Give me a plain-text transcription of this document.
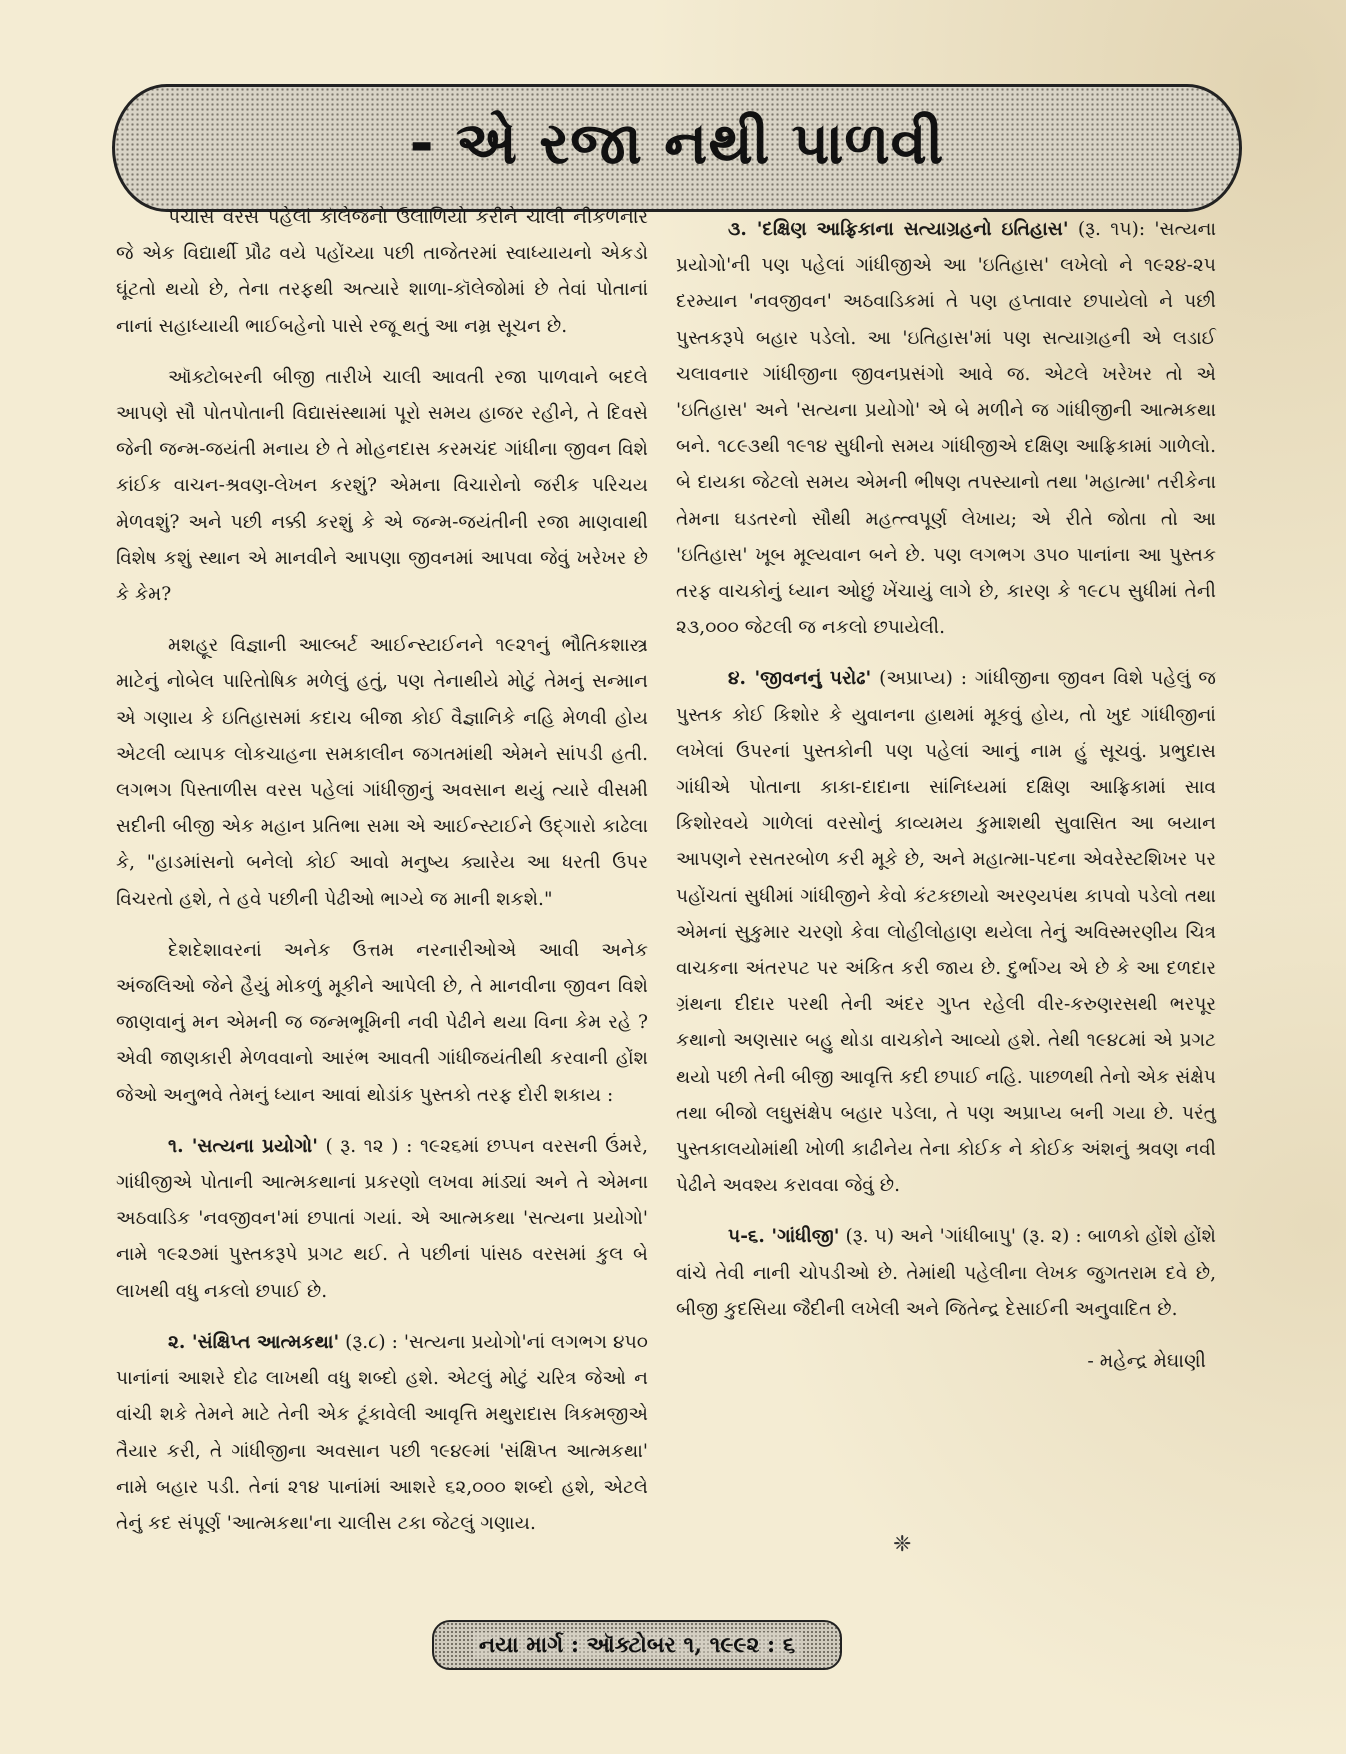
- એ રજા નથી પાળવી

પચાસ વરસ પહેલાં કૉલેજનો ઉલાળિયો કરીને ચાલી નીકળનાર જે એક વિદ્યાર્થી પ્રૌઢ વયે પહોંચ્યા પછી તાજેતરમાં સ્વાધ્યાયનો એકડો ઘૂંટતો થયો છે, તેના તરફથી અત્યારે શાળા-કૉલેજોમાં છે તેવાં પોતાનાં નાનાં સહાધ્યાયી ભાઈબહેનો પાસે રજૂ થતું આ નમ્ર સૂચન છે.

ઑક્ટોબરની બીજી તારીખે ચાલી આવતી રજા પાળવાને બદલે આપણે સૌ પોતપોતાની વિદ્યાસંસ્થામાં પૂરો સમય હાજર રહીને, તે દિવસે જેની જન્મ-જયંતી મનાય છે તે મોહનદાસ કરમચંદ ગાંધીના જીવન વિશે કાંઈક વાચન-શ્રવણ-લેખન કરશું? એમના વિચારોનો જરીક પરિચય મેળવશું? અને પછી નક્કી કરશું કે એ જન્મ-જયંતીની રજા માણવાથી વિશેષ કશું સ્થાન એ માનવીને આપણા જીવનમાં આપવા જેવું ખરેખર છે કે કેમ?

મશહૂર વિજ્ઞાની આલ્બર્ટ આઈન્સ્ટાઈનને ૧૯૨૧નું ભૌતિકશાસ્ત્ર માટેનું નોબેલ પારિતોષિક મળેલું હતું, પણ તેનાથીયે મોટું તેમનું સન્માન એ ગણાય કે ઇતિહાસમાં કદાચ બીજા કોઈ વૈજ્ઞાનિકે નહિ મેળવી હોય એટલી વ્યાપક લોકચાહના સમકાલીન જગતમાંથી એમને સાંપડી હતી. લગભગ પિસ્તાળીસ વરસ પહેલાં ગાંધીજીનું અવસાન થયું ત્યારે વીસમી સદીની બીજી એક મહાન પ્રતિભા સમા એ આઈન્સ્ટાઈને ઉદ્ગારો કાઢેલા કે, "હાડમાંસનો બનેલો કોઈ આવો મનુષ્ય ક્યારેય આ ધરતી ઉપર વિચરતો હશે, તે હવે પછીની પેઢીઓ ભાગ્યે જ માની શકશે."

દેશદેશાવરનાં અનેક ઉત્તમ નરનારીઓએ આવી અનેક અંજલિઓ જેને હૈયું મોકળું મૂકીને આપેલી છે, તે માનવીના જીવન વિશે જાણવાનું મન એમની જ જન્મભૂમિની નવી પેઢીને થયા વિના કેમ રહે ? એવી જાણકારી મેળવવાનો આરંભ આવતી ગાંધીજયંતીથી કરવાની હોંશ જેઓ અનુભવે તેમનું ધ્યાન આવાં થોડાંક પુસ્તકો તરફ દોરી શકાય :

૧. 'સત્યના પ્રયોગો' ( રૂ. ૧૨ ) : ૧૯૨૬માં છપ્પન વરસની ઉંમરે, ગાંધીજીએ પોતાની આત્મકથાનાં પ્રકરણો લખવા માંડ્યાં અને તે એમના અઠવાડિક 'નવજીવન'માં છપાતાં ગયાં. એ આત્મકથા 'સત્યના પ્રયોગો' નામે ૧૯૨૭માં પુસ્તકરૂપે પ્રગટ થઈ. તે પછીનાં પાંસઠ વરસમાં કુલ બે લાખથી વધુ નકલો છપાઈ છે.

૨. 'સંક્ષિપ્ત આત્મકથા' (રૂ.૮) : 'સત્યના પ્રયોગો'નાં લગભગ ૪૫૦ પાનાંનાં આશરે દોઢ લાખથી વધુ શબ્દો હશે. એટલું મોટું ચરિત્ર જેઓ ન વાંચી શકે તેમને માટે તેની એક ટૂંકાવેલી આવૃત્તિ મથુરાદાસ ત્રિકમજીએ તૈયાર કરી, તે ગાંધીજીના અવસાન પછી ૧૯૪૯માં 'સંક્ષિપ્ત આત્મકથા' નામે બહાર પડી. તેનાં ૨૧૪ પાનાંમાં આશરે ૬૨,૦૦૦ શબ્દો હશે, એટલે તેનું કદ સંપૂર્ણ 'આત્મકથા'ના ચાલીસ ટકા જેટલું ગણાય.

૩. 'દક્ષિણ આફ્રિકાના સત્યાગ્રહનો ઇતિહાસ' (રૂ. ૧૫): 'સત્યના પ્રયોગો'ની પણ પહેલાં ગાંધીજીએ આ 'ઇતિહાસ' લખેલો ને ૧૯૨૪-૨૫ દરમ્યાન 'નવજીવન' અઠવાડિકમાં તે પણ હપ્તાવાર છપાયેલો ને પછી પુસ્તકરૂપે બહાર પડેલો. આ 'ઇતિહાસ'માં પણ સત્યાગ્રહની એ લડાઈ ચલાવનાર ગાંધીજીના જીવનપ્રસંગો આવે જ. એટલે ખરેખર તો એ 'ઇતિહાસ' અને 'સત્યના પ્રયોગો' એ બે મળીને જ ગાંધીજીની આત્મકથા બને. ૧૮૯૩થી ૧૯૧૪ સુધીનો સમય ગાંધીજીએ દક્ષિણ આફ્રિકામાં ગાળેલો. બે દાયકા જેટલો સમય એમની ભીષણ તપસ્યાનો તથા 'મહાત્મા' તરીકેના તેમના ઘડતરનો સૌથી મહત્ત્વપૂર્ણ લેખાય; એ રીતે જોતા તો આ 'ઇતિહાસ' ખૂબ મૂલ્યવાન બને છે. પણ લગભગ ૩૫૦ પાનાંના આ પુસ્તક તરફ વાચકોનું ધ્યાન ઓછું ખેંચાયું લાગે છે, કારણ કે ૧૯૮૫ સુધીમાં તેની ૨૩,૦૦૦ જેટલી જ નકલો છપાયેલી.

૪. 'જીવનનું પરોઢ' (અપ્રાપ્ય) : ગાંધીજીના જીવન વિશે પહેલું જ પુસ્તક કોઈ કિશોર કે યુવાનના હાથમાં મૂકવું હોય, તો ખુદ ગાંધીજીનાં લખેલાં ઉપરનાં પુસ્તકોની પણ પહેલાં આનું નામ હું સૂચવું. પ્રભુદાસ ગાંધીએ પોતાના કાકા-દાદાના સાંનિધ્યમાં દક્ષિણ આફ્રિકામાં સાવ કિશોરવયે ગાળેલાં વરસોનું કાવ્યમય કુમાશથી સુવાસિત આ બયાન આપણને રસતરબોળ કરી મૂકે છે, અને મહાત્મા-પદના એવરેસ્ટશિખર પર પહોંચતાં સુધીમાં ગાંધીજીને કેવો કંટકછાયો અરણ્યપંથ કાપવો પડેલો તથા એમનાં સુકુમાર ચરણો કેવા લોહીલોહાણ થયેલા તેનું અવિસ્મરણીય ચિત્ર વાચકના અંતરપટ પર અંકિત કરી જાય છે. દુર્ભાગ્ય એ છે કે આ દળદાર ગ્રંથના દીદાર પરથી તેની અંદર ગુપ્ત રહેલી વીર-કરુણરસથી ભરપૂર કથાનો અણસાર બહુ થોડા વાચકોને આવ્યો હશે. તેથી ૧૯૪૮માં એ પ્રગટ થયો પછી તેની બીજી આવૃત્તિ કદી છપાઈ નહિ. પાછળથી તેનો એક સંક્ષેપ તથા બીજો લઘુસંક્ષેપ બહાર પડેલા, તે પણ અપ્રાપ્ય બની ગયા છે. પરંતુ પુસ્તકાલયોમાંથી ખોળી કાઢીનેય તેના કોઈક ને કોઈક અંશનું શ્રવણ નવી પેઢીને અવશ્ય કરાવવા જેવું છે.

૫-૬. 'ગાંધીજી' (રૂ. ૫) અને 'ગાંધીબાપુ' (રૂ. ૨) : બાળકો હોંશે હોંશે વાંચે તેવી નાની ચોપડીઓ છે. તેમાંથી પહેલીના લેખક જુગતરામ દવે છે, બીજી કુદસિયા જૈદીની લખેલી અને જિતેન્દ્ર દેસાઈની અનુવાદિત છે.

- મહેન્દ્ર મેઘાણી
❈
નયા માર્ગ : ઑક્ટોબર ૧, ૧૯૯૨ : ૬
